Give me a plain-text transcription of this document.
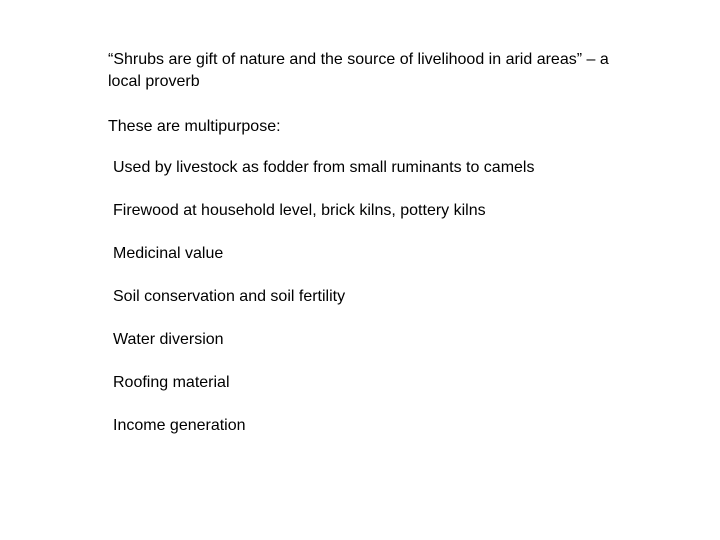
“Shrubs are gift of nature and the source of livelihood in arid areas” – a local proverb

These are multipurpose:

Used by livestock as fodder from small ruminants to camels
Firewood at household level, brick kilns, pottery kilns
Medicinal value
Soil conservation and soil fertility
Water diversion
Roofing material
Income generation
